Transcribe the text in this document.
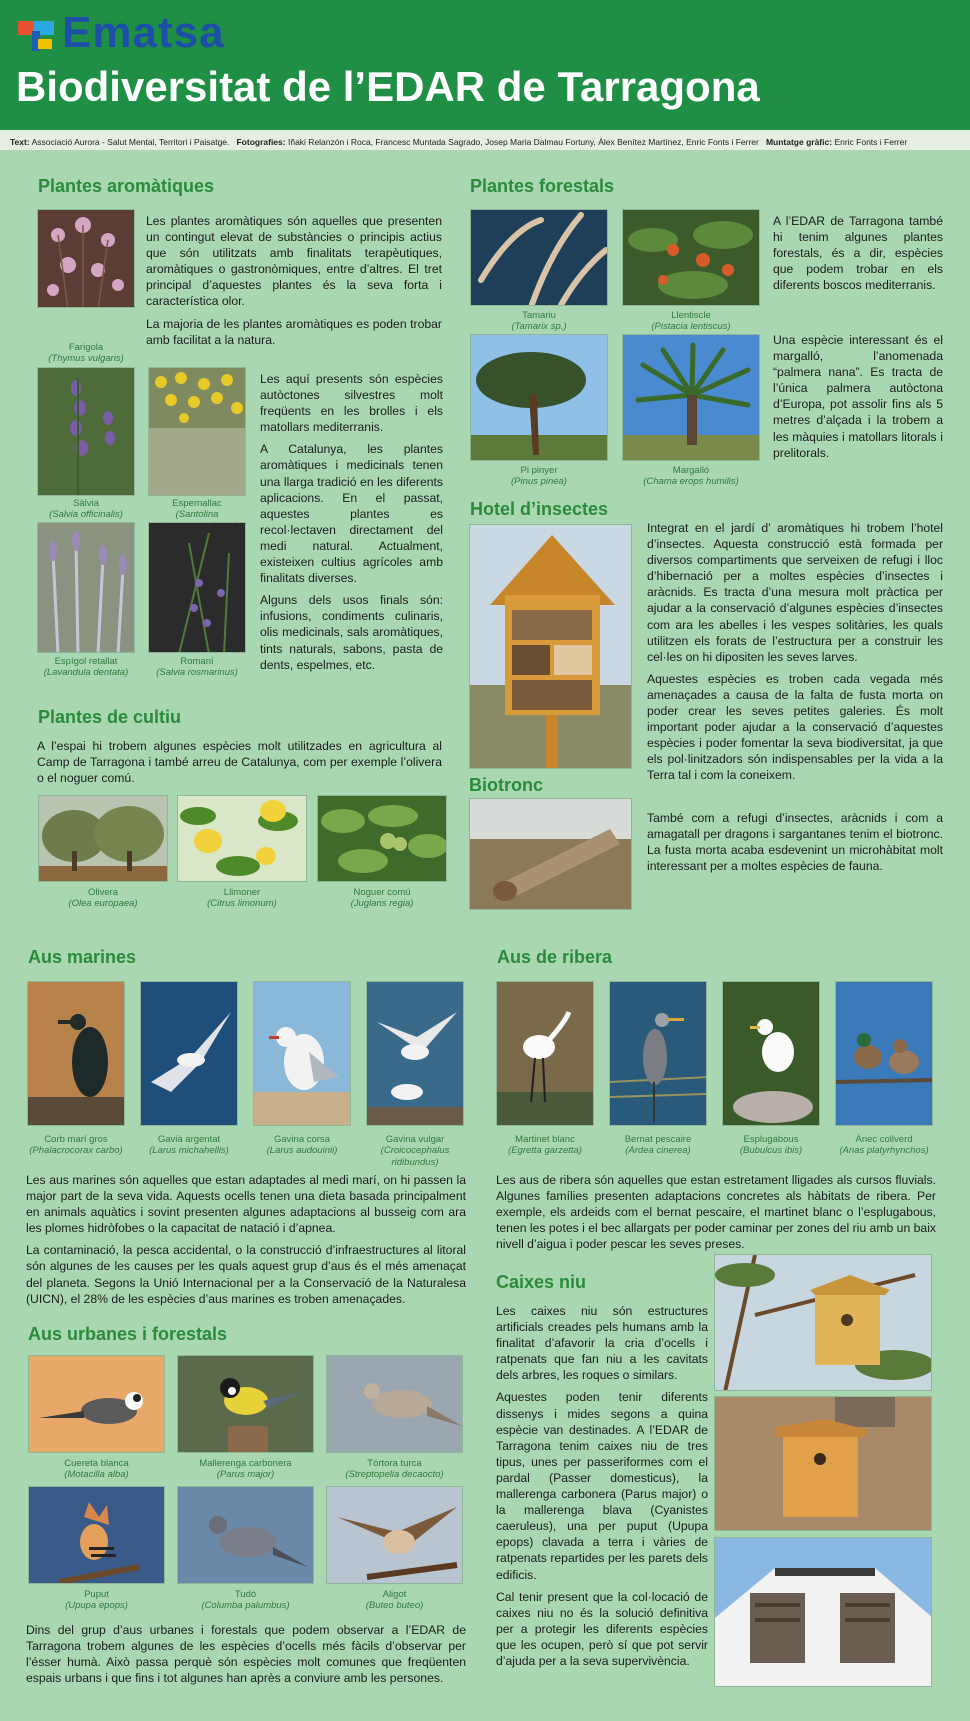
Ematsa
Biodiversitat de l’EDAR de Tarragona
Text: Associació Aurora - Salut Mental, Territori i Paisatge. Fotografies: Iñaki Relanzón i Roca, Francesc Muntada Sagrado, Josep Maria Dalmau Fortuny, Àlex Benítez Martínez, Enric Fonts i Ferrer Muntatge gràfic: Enric Fonts i Ferrer
Plantes aromàtiques
Farigola
(Thymus vulgaris)

Les plantes aromàtiques són aquelles que presenten un contingut elevat de substàncies o principis actius que són utilitzats amb finalitats terapèutiques, aromàtiques o gastronòmiques, entre d’altres. El tret principal d’aquestes plantes és la seva forta i característica olor.

La majoria de les plantes aromàtiques es poden trobar amb facilitat a la natura.

Sàlvia
(Salvia officinalis)
Espernallac
(Santolina

Les aquí presents són espècies autòctones silvestres molt freqüents en les brolles i els matollars mediterranis.

A Catalunya, les plantes aromàtiques i medicinals tenen una llarga tradició en les diferents aplicacions. En el passat, aquestes plantes es recol·lectaven directament del medi natural. Actualment, existeixen cultius agrícoles amb finalitats diverses.

Alguns dels usos finals són: infusions, condiments culinaris, olis medicinals, sals aromàtiques, tints naturals, sabons, pasta de dents, espelmes, etc.

Espígol retallat
(Lavandula dentata)
Romaní
(Salvia rosmarinus)
Plantes de cultiu

A l’espai hi trobem algunes espècies molt utilitzades en agricultura al Camp de Tarragona i també arreu de Catalunya, com per exemple l’olivera o el noguer comú.

Olivera
(Olea europaea)
Llimoner
(Citrus limonum)
Noguer comú
(Juglans regia)
Plantes forestals
Tamariu
(Tamarix sp.)
Llentiscle
(Pistacia lentiscus)

A l’EDAR de Tarragona també hi tenim algunes plantes forestals, és a dir, espècies que podem trobar en els diferents boscos mediterranis.

Pi pinyer
(Pinus pinea)
Margalló
(Chama erops humilis)

Una espècie interessant és el margalló, l’anomenada “palmera nana”. Es tracta de l’única palmera autòctona d’Europa, pot assolir fins als 5 metres d’alçada i la trobem a les màquies i matollars litorals i prelitorals.

Hotel d’insectes

Integrat en el jardí d’ aromàtiques hi trobem l’hotel d’insectes. Aquesta construcció està formada per diversos compartiments que serveixen de refugi i lloc d’hibernació per a moltes espècies d’insectes i aràcnids. Es tracta d’una mesura molt pràctica per ajudar a la conservació d’algunes espècies d’insectes com ara les abelles i les vespes solitàries, les quals utilitzen els forats de l’estructura per a construir les cel·les on hi dipositen les seves larves.

Aquestes espècies es troben cada vegada més amenaçades a causa de la falta de fusta morta on poder crear les seves petites galeries. És molt important poder ajudar a la conservació d’aquestes espècies i poder fomentar la seva biodiversitat, ja que els pol·linitzadors són indispensables per la vida a la Terra tal i com la coneixem.

Biotronc

També com a refugi d’insectes, aràcnids i com a amagatall per dragons i sargantanes tenim el biotronc. La fusta morta acaba esdevenint un microhàbitat molt interessant per a moltes espècies de fauna.

Aus marines
Corb marí gros
(Phalacrocorax carbo)
Gavià argentat
(Larus michahellis)
Gavina corsa
(Larus audouinii)
Gavina vulgar
(Croicocephalus ridibundus)

Les aus marines són aquelles que estan adaptades al medi marí, on hi passen la major part de la seva vida. Aquests ocells tenen una dieta basada principalment en animals aquàtics i sovint presenten algunes adaptacions al busseig com ara les plomes hidròfobes o la capacitat de natació i d’apnea.

La contaminació, la pesca accidental, o la construcció d’infraestructures al litoral són algunes de les causes per les quals aquest grup d’aus és el més amenaçat del planeta. Segons la Unió Internacional per a la Conservació de la Naturalesa (UICN), el 28% de les espècies d’aus marines es troben amenaçades.

Aus de ribera
Martinet blanc
(Egretta garzetta)
Bernat pescaire
(Ardea cinerea)
Esplugabous
(Bubulcus ibis)
Ànec collverd
(Anas platyrhynchos)

Les aus de ribera són aquelles que estan estretament lligades als cursos fluvials. Algunes famílies presenten adaptacions concretes als hàbitats de ribera. Per exemple, els ardeids com el bernat pescaire, el martinet blanc o l’esplugabous, tenen les potes i el bec allargats per poder caminar per zones del riu amb un baix nivell d’aigua i poder pescar les seves preses.

Aus urbanes i forestals
Cuereta blanca
(Motacilla alba)
Mallerenga carbonera
(Parus major)
Tórtora turca
(Streptopelia decaocto)
Puput
(Upupa epops)
Tudó
(Columba palumbus)
Aligot
(Buteo buteo)

Dins del grup d’aus urbanes i forestals que podem observar a l’EDAR de Tarragona trobem algunes de les espècies d’ocells més fàcils d’observar per l’ésser humà. Això passa perquè són espècies molt comunes que freqüenten espais urbans i que fins i tot algunes han après a conviure amb les persones.

Caixes niu

Les caixes niu són estructures artificials creades pels humans amb la finalitat d’afavorir la cria d’ocells i ratpenats que fan niu a les cavitats dels arbres, les roques o similars.

Aquestes poden tenir diferents dissenys i mides segons a quina espècie van destinades. A l’EDAR de Tarragona tenim caixes niu de tres tipus, unes per passeriformes com el pardal (Passer domesticus), la mallerenga carbonera (Parus major) o la mallerenga blava (Cyanistes caeruleus), una per puput (Upupa epops) clavada a terra i vàries de ratpenats repartides per les parets dels edificis.

Cal tenir present que la col·locació de caixes niu no és la solució definitiva per a protegir les diferents espècies que les ocupen, però sí que pot servir d’ajuda per a la seva supervivència.
